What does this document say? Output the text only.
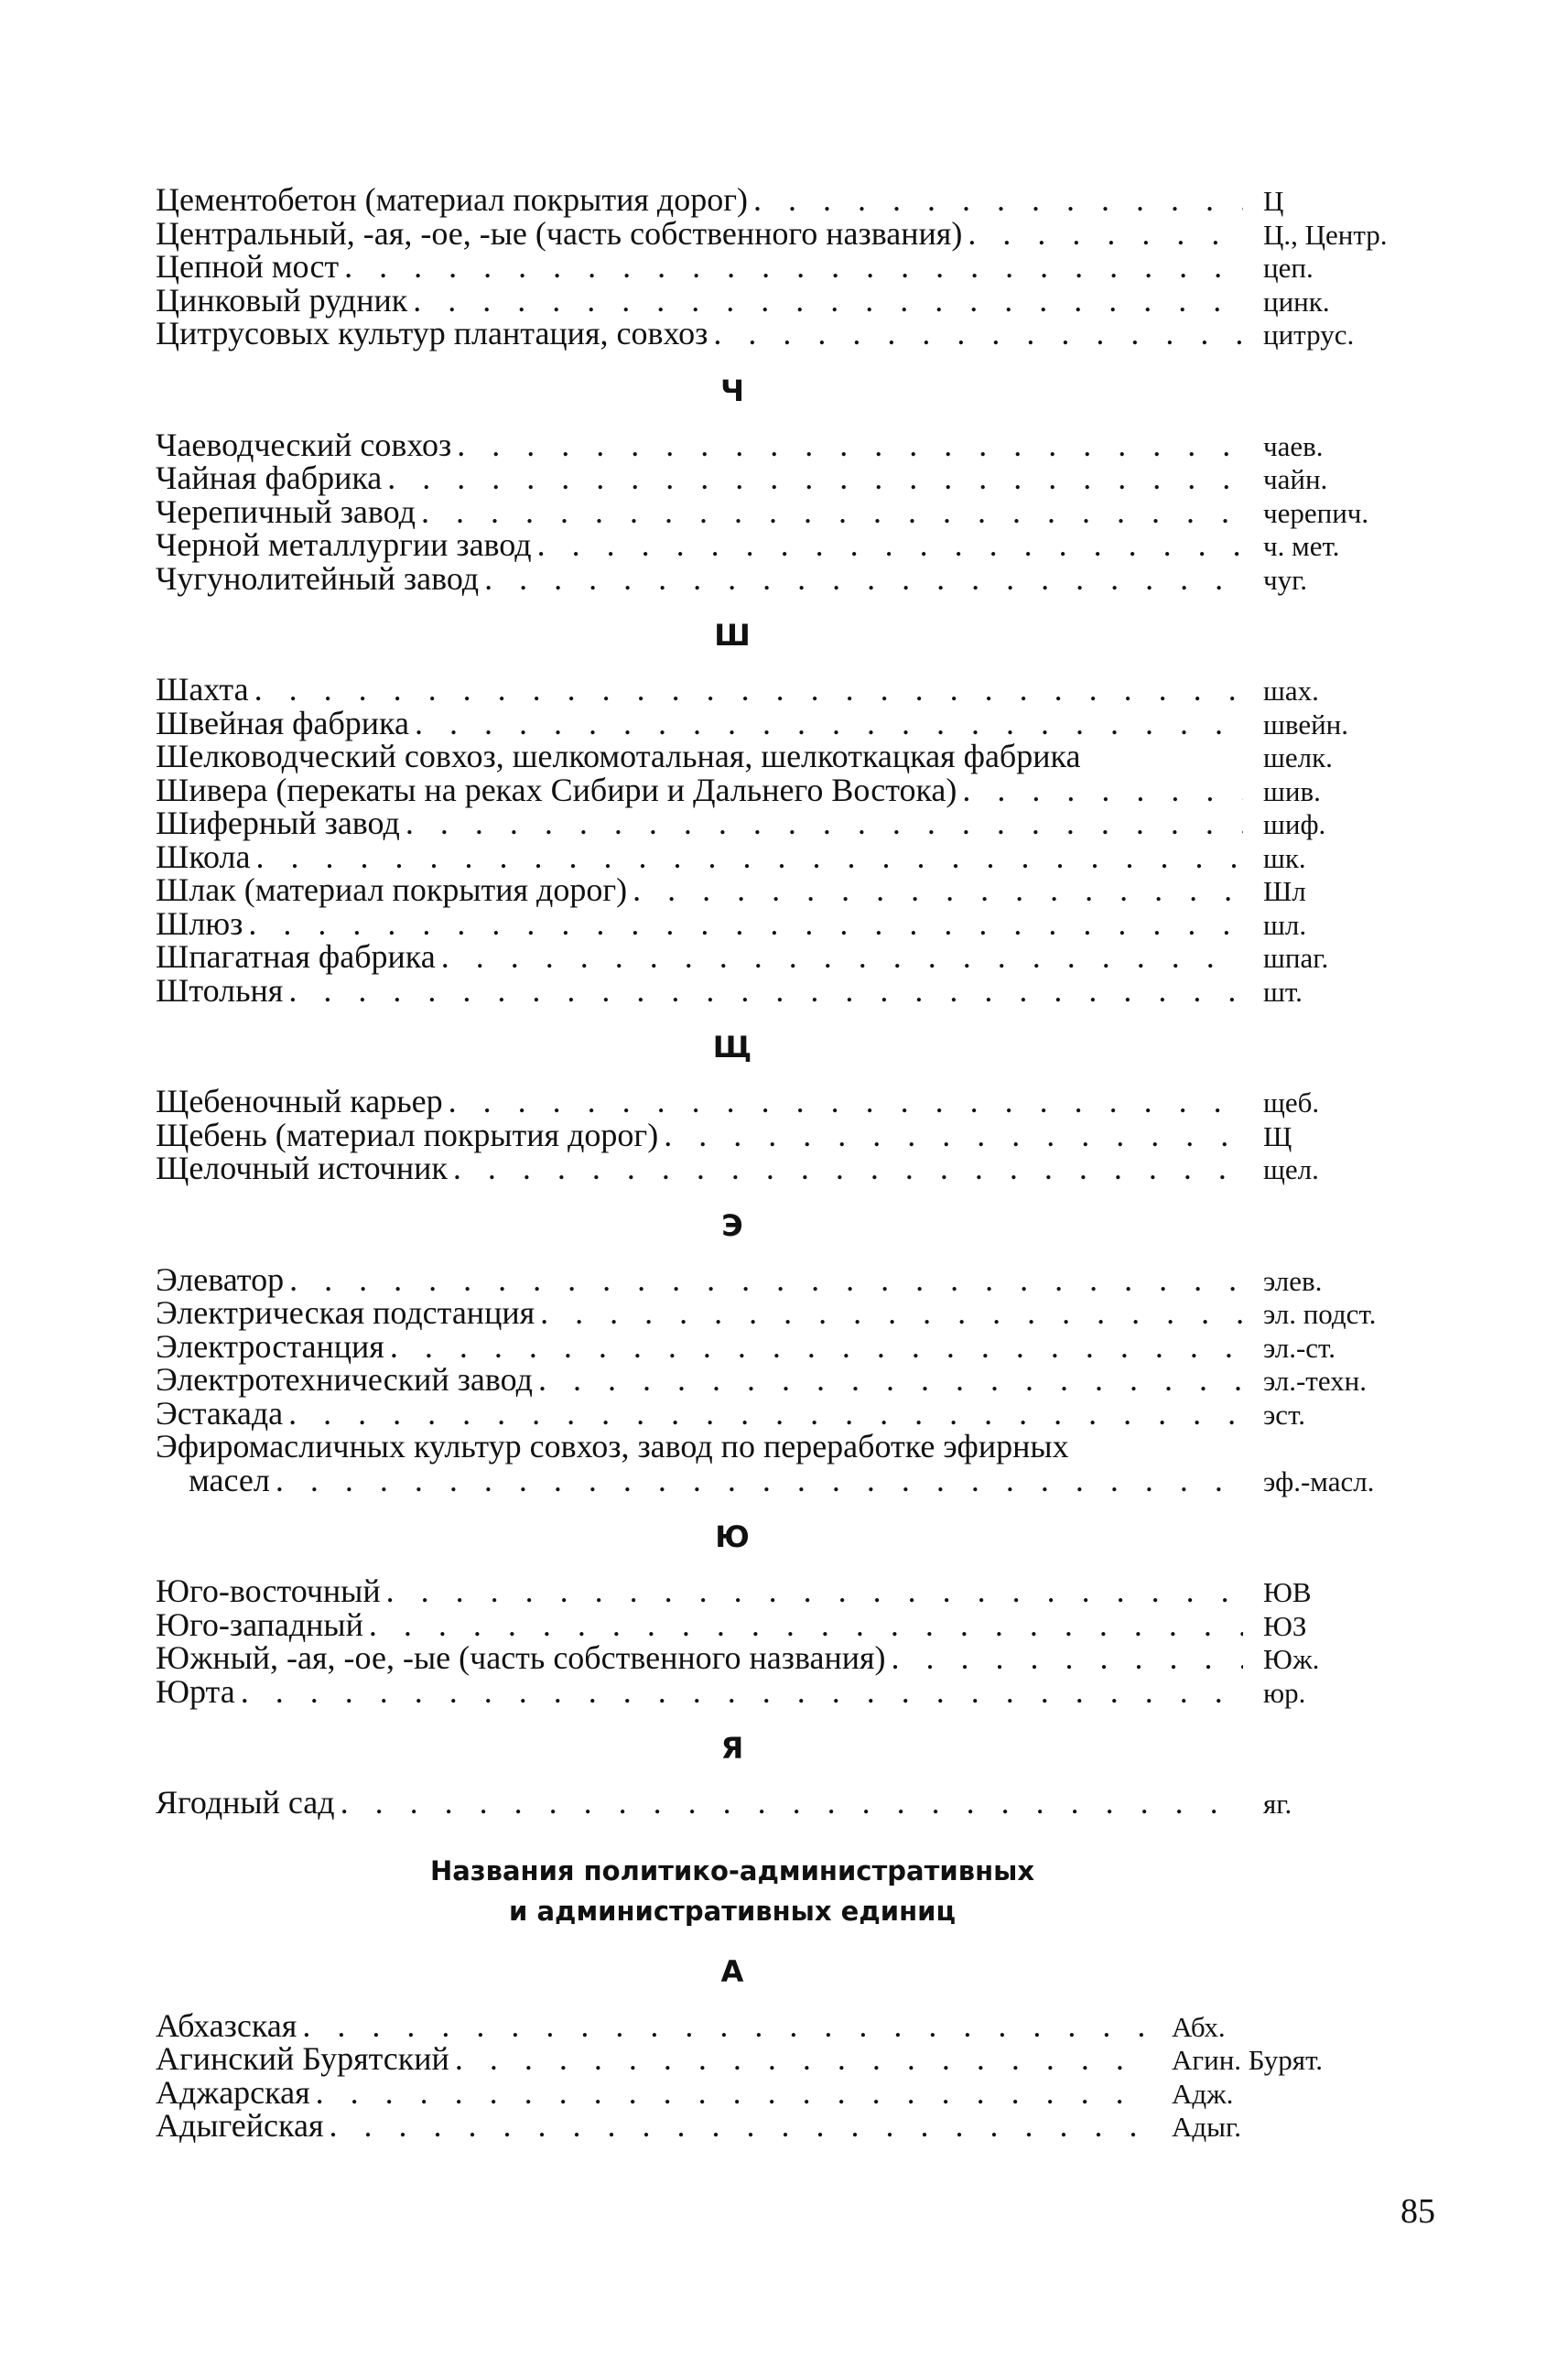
Цементобетон (материал покрытия дорог) . . .	Ц
Центральный, -ая, -ое, -ые (часть собственного названия) . . .	Ц., Центр.
Цепной мост . . .	цеп.
Цинковый рудник . . .	цинк.
Цитрусовых культур плантация, совхоз . . .	цитрус.
Ч
Чаеводческий совхоз . . .	чаев.
Чайная фабрика . . .	чайн.
Черепичный завод . . .	черепич.
Черной металлургии завод . . .	ч. мет.
Чугунолитейный завод . . .	чуг.
Ш
Шахта . . .	шах.
Швейная фабрика . . .	швейн.
Шелководческий совхоз, шелкомотальная, шелкоткацкая фабрика	шелк.
Шивера (перекаты на реках Сибири и Дальнего Востока) . . .	шив.
Шиферный завод . . .	шиф.
Школа . . .	шк.
Шлак (материал покрытия дорог) . . .	Шл
Шлюз . . .	шл.
Шпагатная фабрика . . .	шпаг.
Штольня . . .	шт.
Щ
Щебеночный карьер . . .	щеб.
Щебень (материал покрытия дорог) . . .	Щ
Щелочный источник . . .	щел.
Э
Элеватор . . .	элев.
Электрическая подстанция . . .	эл. подст.
Электростанция . . .	эл.-ст.
Электротехнический завод . . .	эл.-техн.
Эстакада . . .	эст.
Эфиромасличных культур совхоз, завод по переработке эфирных
масел . . .	эф.-масл.
Ю
Юго-восточный . . .	ЮВ
Юго-западный . . .	ЮЗ
Южный, -ая, -ое, -ые (часть собственного названия) . . .	Юж.
Юрта . . .	юр.
Я
Ягодный сад . . .	яг.
Названия политико-административных
и административных единиц
А
Абхазская . . .	Абх.
Агинский Бурятский . . .	Агин. Бурят.
Аджарская . . .	Адж.
Адыгейская . . .	Адыг.
85
